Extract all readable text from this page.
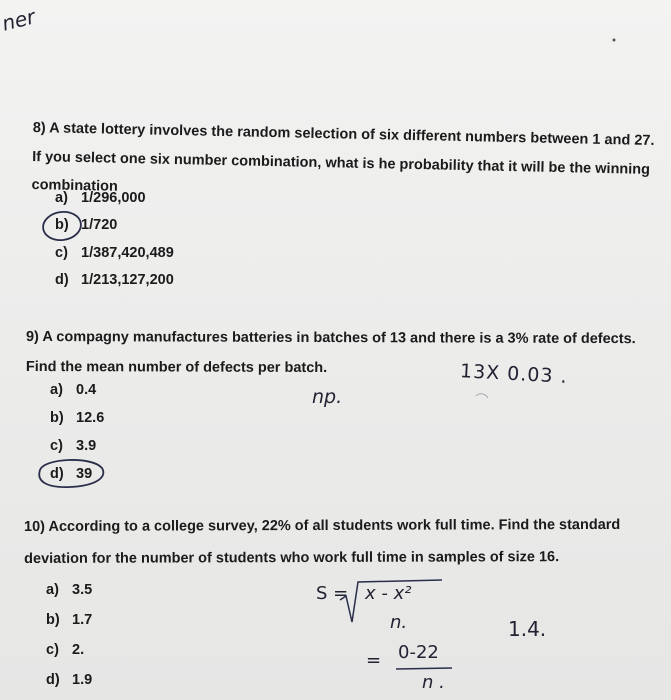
ner
8) A state lottery involves the random selection of six different numbers between 1 and 27.
If you select one six number combination, what is he probability that it will be the winning
combination
a) 1/296,000
b) 1/720
c) 1/387,420,489
d) 1/213,127,200
9) A compagny manufactures batteries in batches of 13 and there is a 3% rate of defects.
Find the mean number of defects per batch.
a) 0.4
b) 12.6
c) 3.9
d) 39
13X 0.03 .
np.
10) According to a college survey, 22% of all students work full time. Find the standard
deviation for the number of students who work full time in samples of size 16.
a) 3.5
b) 1.7
c) 2.
d) 1.9
S = x - x²
n.	1.4.
= 0-22
n .
